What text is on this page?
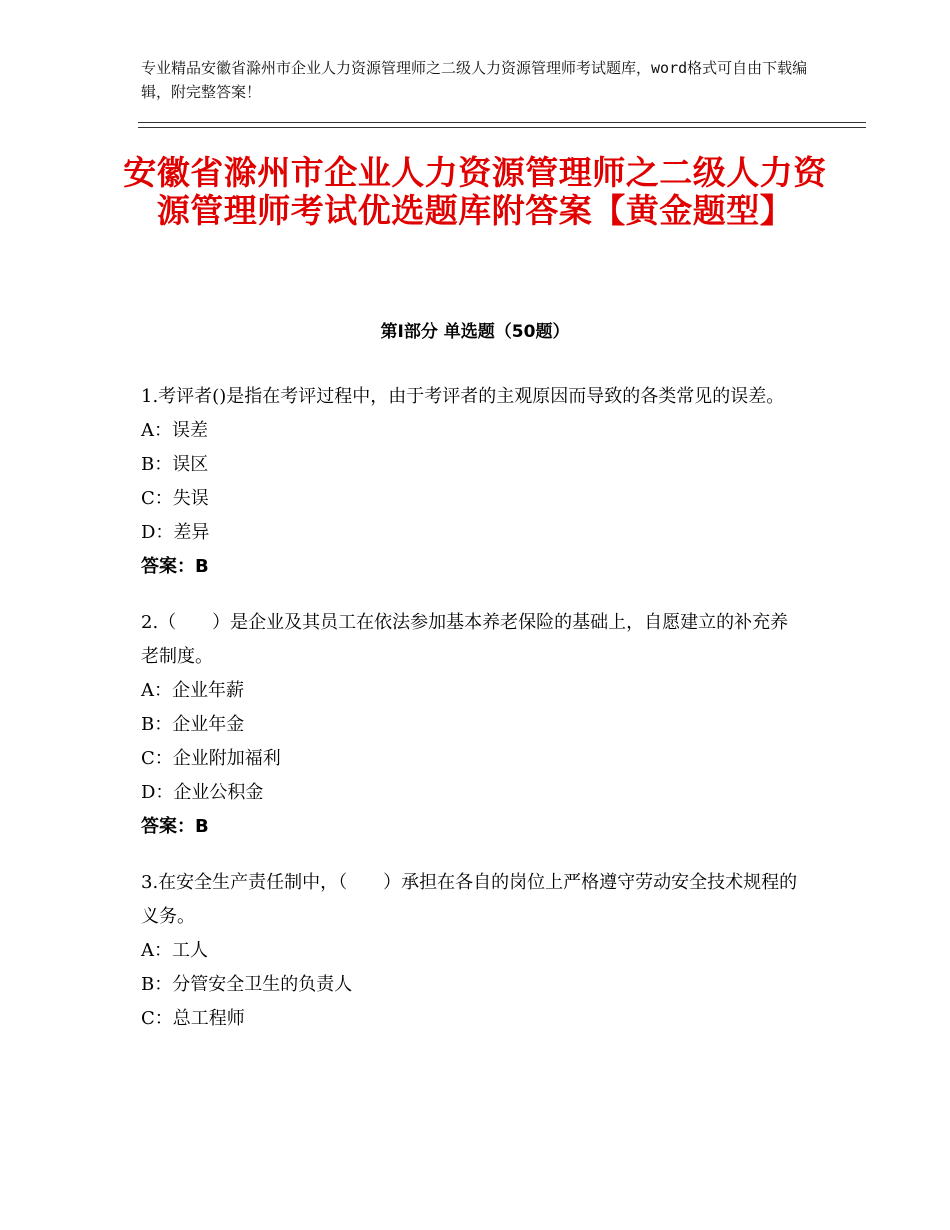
专业精品安徽省滁州市企业人力资源管理师之二级人力资源管理师考试题库，word格式可自由下载编辑，附完整答案！
安徽省滁州市企业人力资源管理师之二级人力资源管理师考试优选题库附答案【黄金题型】
第Ⅰ部分 单选题（50题）
1.考评者()是指在考评过程中，由于考评者的主观原因而导致的各类常见的误差。
A：误差
B：误区
C：失误
D：差异
答案：B
2.（　　）是企业及其员工在依法参加基本养老保险的基础上，自愿建立的补充养老制度。
A：企业年薪
B：企业年金
C：企业附加福利
D：企业公积金
答案：B
3.在安全生产责任制中，（　　）承担在各自的岗位上严格遵守劳动安全技术规程的义务。
A：工人
B：分管安全卫生的负责人
C：总工程师
